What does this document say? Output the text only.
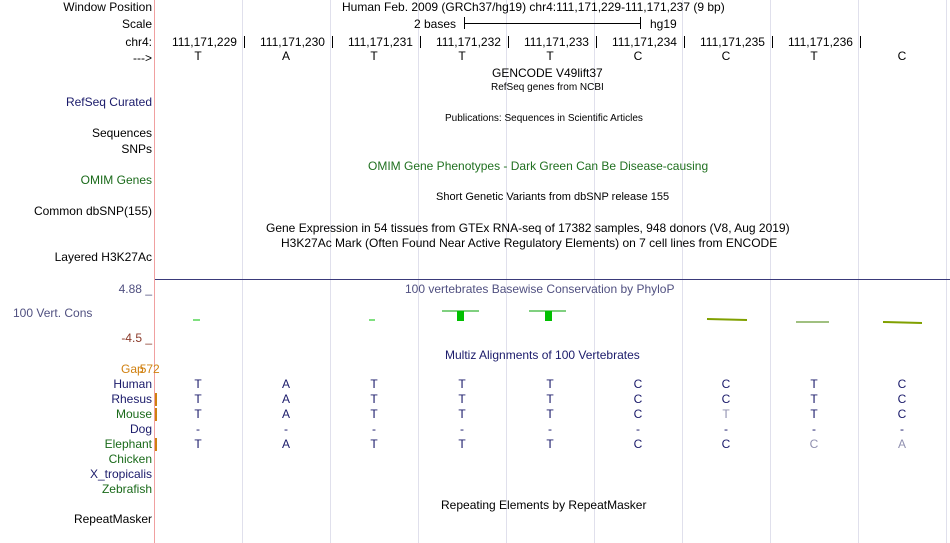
Window Position	Human Feb. 2009 (GRCh37/hg19) chr4:111,171,229-111,171,237 (9 bp)
Scale	2 bases	hg19
chr4: 111,171,229 111,171,230 111,171,231 111,171,232 111,171,233 111,171,234 111,171,235 111,171,236
--->	T	A	T	T	T	C	C	T	C
GENCODE V49lift37
RefSeq genes from NCBI
RefSeq Curated
Publications: Sequences in Scientific Articles
Sequences
SNPs
OMIM Gene Phenotypes - Dark Green Can Be Disease-causing
OMIM Genes
Short Genetic Variants from dbSNP release 155
Common dbSNP(155)
Gene Expression in 54 tissues from GTEx RNA-seq of 17382 samples, 948 donors (V8, Aug 2019)
H3K27Ac Mark (Often Found Near Active Regulatory Elements) on 7 cell lines from ENCODE
Layered H3K27Ac
4.88 _	100 vertebrates Basewise Conservation by PhyloP
100 Vert. Cons
-4.5 _
Multiz Alignments of 100 Vertebrates
Gap572
Human	T	A	T	T	T	C	C	T	C
Rhesus	T	A	T	T	T	C	C	T	C
Mouse	T	A	T	T	T	C	T	T	C
Dog	-	-	-	-	-	-	-	-	-
Elephant	T	A	T	T	T	C	C	C	A
Chicken
X_tropicalis
Zebrafish
Repeating Elements by RepeatMasker
RepeatMasker
